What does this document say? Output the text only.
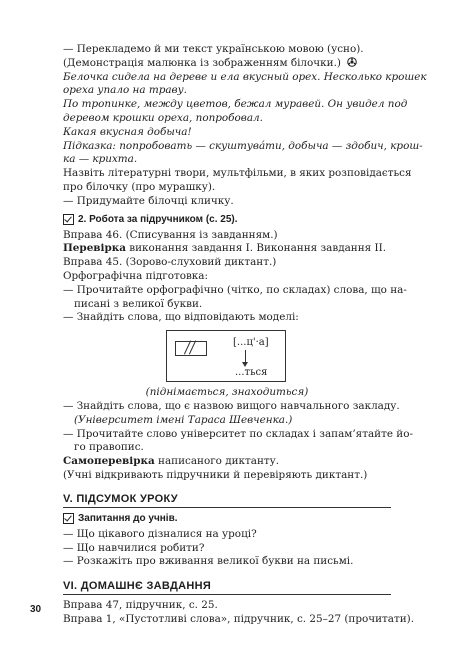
— Перекладемо й ми текст українською мовою (усно).

(Демонстрація малюнка із зображенням білочки.)

Белочка сидела на дереве и ела вкусный орех. Несколько крошек

ореха упало на траву.

По тропинке, между цветов, бежал муравей. Он увидел под

деревом крошки ореха, попробовал.

Какая вкусная добыча!

Підказка: попробовать — скуштува́ти, добыча — здобич, крош-

ка — крихта.

Назвіть літературні твори, мультфільми, в яких розповідається

про білочку (про мурашку).

— Придумайте білочці кличку.

2. Робота за підручником (с. 25).

Вправа 46. (Списування із завданням.)

Перевірка виконання завдання I. Виконання завдання II.

Вправа 45. (Зорово-слуховий диктант.)

Орфографічна підготовка:

— Прочитайте орфографічно (чітко, по складах) слова, що на-

писані з великої букви.

— Знайдіть слова, що відповідають моделі:

[...ц'·а]
...ться

(піднімається, знаходиться)

— Знайдіть слова, що є назвою вищого навчального закладу.

(Університет імені Тараса Шевченка.)

— Прочитайте слово університет по складах і запам’ятайте йо-

го правопис.

Самоперевірка написаного диктанту.

(Учні відкривають підручники й перевіряють диктант.)

V. ПІДСУМОК УРОКУ
Запитання до учнів.

— Що цікавого дізналися на уроці?

— Що навчилися робити?

— Розкажіть про вживання великої букви на письмі.

VI. ДОМАШНЄ ЗАВДАННЯ

Вправа 47, підручник, с. 25.

Вправа 1, «Пустотливі слова», підручник, с. 25–27 (прочитати).

30
